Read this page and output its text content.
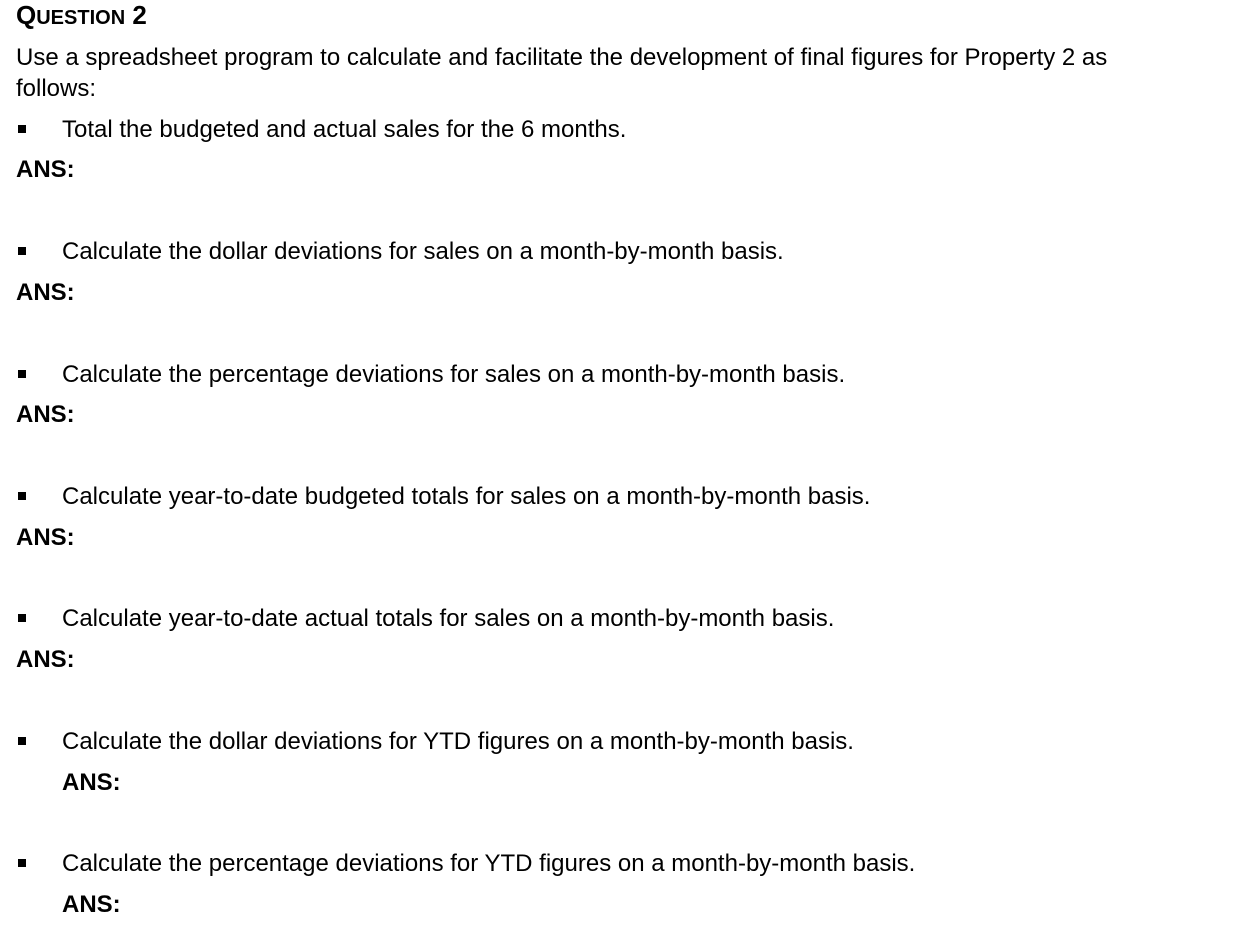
QUESTION 2
Use a spreadsheet program to calculate and facilitate the development of final figures for Property 2 as follows:
Total the budgeted and actual sales for the 6 months.
ANS:
Calculate the dollar deviations for sales on a month-by-month basis.
ANS:
Calculate the percentage deviations for sales on a month-by-month basis.
ANS:
Calculate year-to-date budgeted totals for sales on a month-by-month basis.
ANS:
Calculate year-to-date actual totals for sales on a month-by-month basis.
ANS:
Calculate the dollar deviations for YTD figures on a month-by-month basis.
ANS:
Calculate the percentage deviations for YTD figures on a month-by-month basis.
ANS:
